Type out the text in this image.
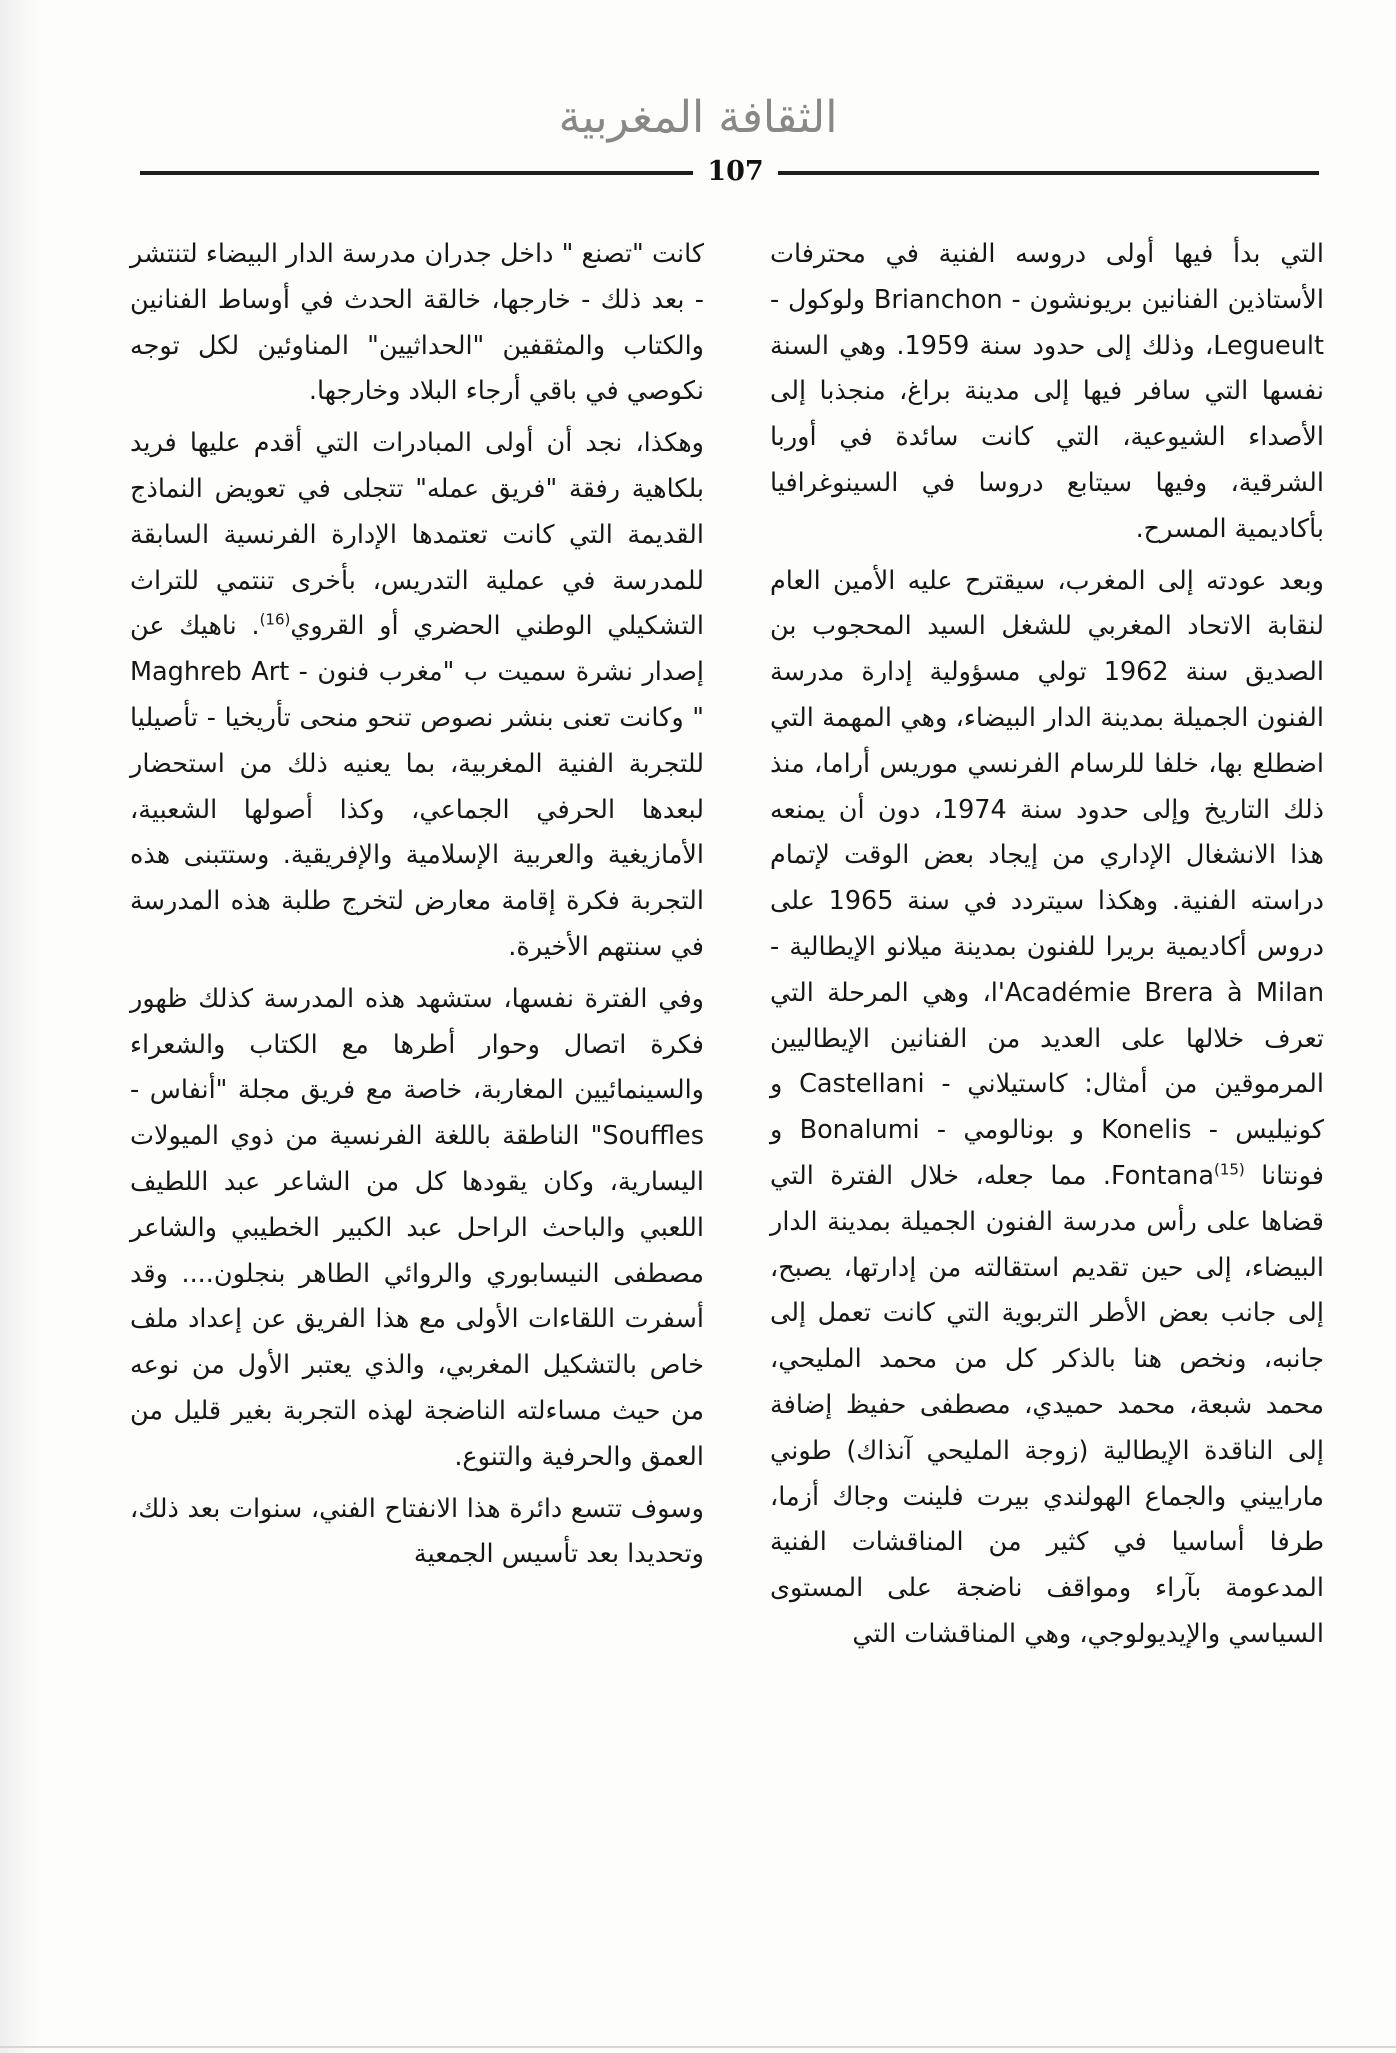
الثقافة المغربية
107

التي بدأ فيها أولى دروسه الفنية في محترفات الأستاذين الفنانين بريونشون - Brianchon ولوكول - Legueult، وذلك إلى حدود سنة 1959. وهي السنة نفسها التي سافر فيها إلى مدينة براغ، منجذبا إلى الأصداء الشيوعية، التي كانت سائدة في أوربا الشرقية، وفيها سيتابع دروسا في السينوغرافيا بأكاديمية المسرح.

وبعد عودته إلى المغرب، سيقترح عليه الأمين العام لنقابة الاتحاد المغربي للشغل السيد المحجوب بن الصديق سنة 1962 تولي مسؤولية إدارة مدرسة الفنون الجميلة بمدينة الدار البيضاء، وهي المهمة التي اضطلع بها، خلفا للرسام الفرنسي موريس أراما، منذ ذلك التاريخ وإلى حدود سنة 1974، دون أن يمنعه هذا الانشغال الإداري من إيجاد بعض الوقت لإتمام دراسته الفنية. وهكذا سيتردد في سنة 1965 على دروس أكاديمية بريرا للفنون بمدينة ميلانو الإيطالية - l'Académie Brera à Milan، وهي المرحلة التي تعرف خلالها على العديد من الفنانين الإيطاليين المرموقين من أمثال: كاستيلاني - Castellani و كونيليس - Konelis و بونالومي - Bonalumi و فونتانا Fontana$^{(15)}$. مما جعله، خلال الفترة التي قضاها على رأس مدرسة الفنون الجميلة بمدينة الدار البيضاء، إلى حين تقديم استقالته من إدارتها، يصبح، إلى جانب بعض الأطر التربوية التي كانت تعمل إلى جانبه، ونخص هنا بالذكر كل من محمد المليحي، محمد شبعة، محمد حميدي، مصطفى حفيظ إضافة إلى الناقدة الإيطالية (زوجة المليحي آنذاك) طوني ماراييني والجماع الهولندي بيرت فلينت وجاك أزما، طرفا أساسيا في كثير من المناقشات الفنية المدعومة بآراء ومواقف ناضجة على المستوى السياسي والإيديولوجي، وهي المناقشات التي

كانت "تصنع " داخل جدران مدرسة الدار البيضاء لتنتشر - بعد ذلك - خارجها، خالقة الحدث في أوساط الفنانين والكتاب والمثقفين "الحداثيين" المناوئين لكل توجه نكوصي في باقي أرجاء البلاد وخارجها.

وهكذا، نجد أن أولى المبادرات التي أقدم عليها فريد بلكاهية رفقة "فريق عمله" تتجلى في تعويض النماذج القديمة التي كانت تعتمدها الإدارة الفرنسية السابقة للمدرسة في عملية التدريس، بأخرى تنتمي للتراث التشكيلي الوطني الحضري أو القروي$^{(16)}$. ناهيك عن إصدار نشرة سميت ب "مغرب فنون - Maghreb Art " وكانت تعنى بنشر نصوص تنحو منحى تأريخيا - تأصيليا للتجربة الفنية المغربية، بما يعنيه ذلك من استحضار لبعدها الحرفي الجماعي، وكذا أصولها الشعبية، الأمازيغية والعربية الإسلامية والإفريقية. وستتبنى هذه التجربة فكرة إقامة معارض لتخرج طلبة هذه المدرسة في سنتهم الأخيرة.

وفي الفترة نفسها، ستشهد هذه المدرسة كذلك ظهور فكرة اتصال وحوار أطرها مع الكتاب والشعراء والسينمائيين المغاربة، خاصة مع فريق مجلة "أنفاس - Souffles" الناطقة باللغة الفرنسية من ذوي الميولات اليسارية، وكان يقودها كل من الشاعر عبد اللطيف اللعبي والباحث الراحل عبد الكبير الخطيبي والشاعر مصطفى النيسابوري والروائي الطاهر بنجلون.... وقد أسفرت اللقاءات الأولى مع هذا الفريق عن إعداد ملف خاص بالتشكيل المغربي، والذي يعتبر الأول من نوعه من حيث مساءلته الناضجة لهذه التجربة بغير قليل من العمق والحرفية والتنوع.

وسوف تتسع دائرة هذا الانفتاح الفني، سنوات بعد ذلك، وتحديدا بعد تأسيس الجمعية
